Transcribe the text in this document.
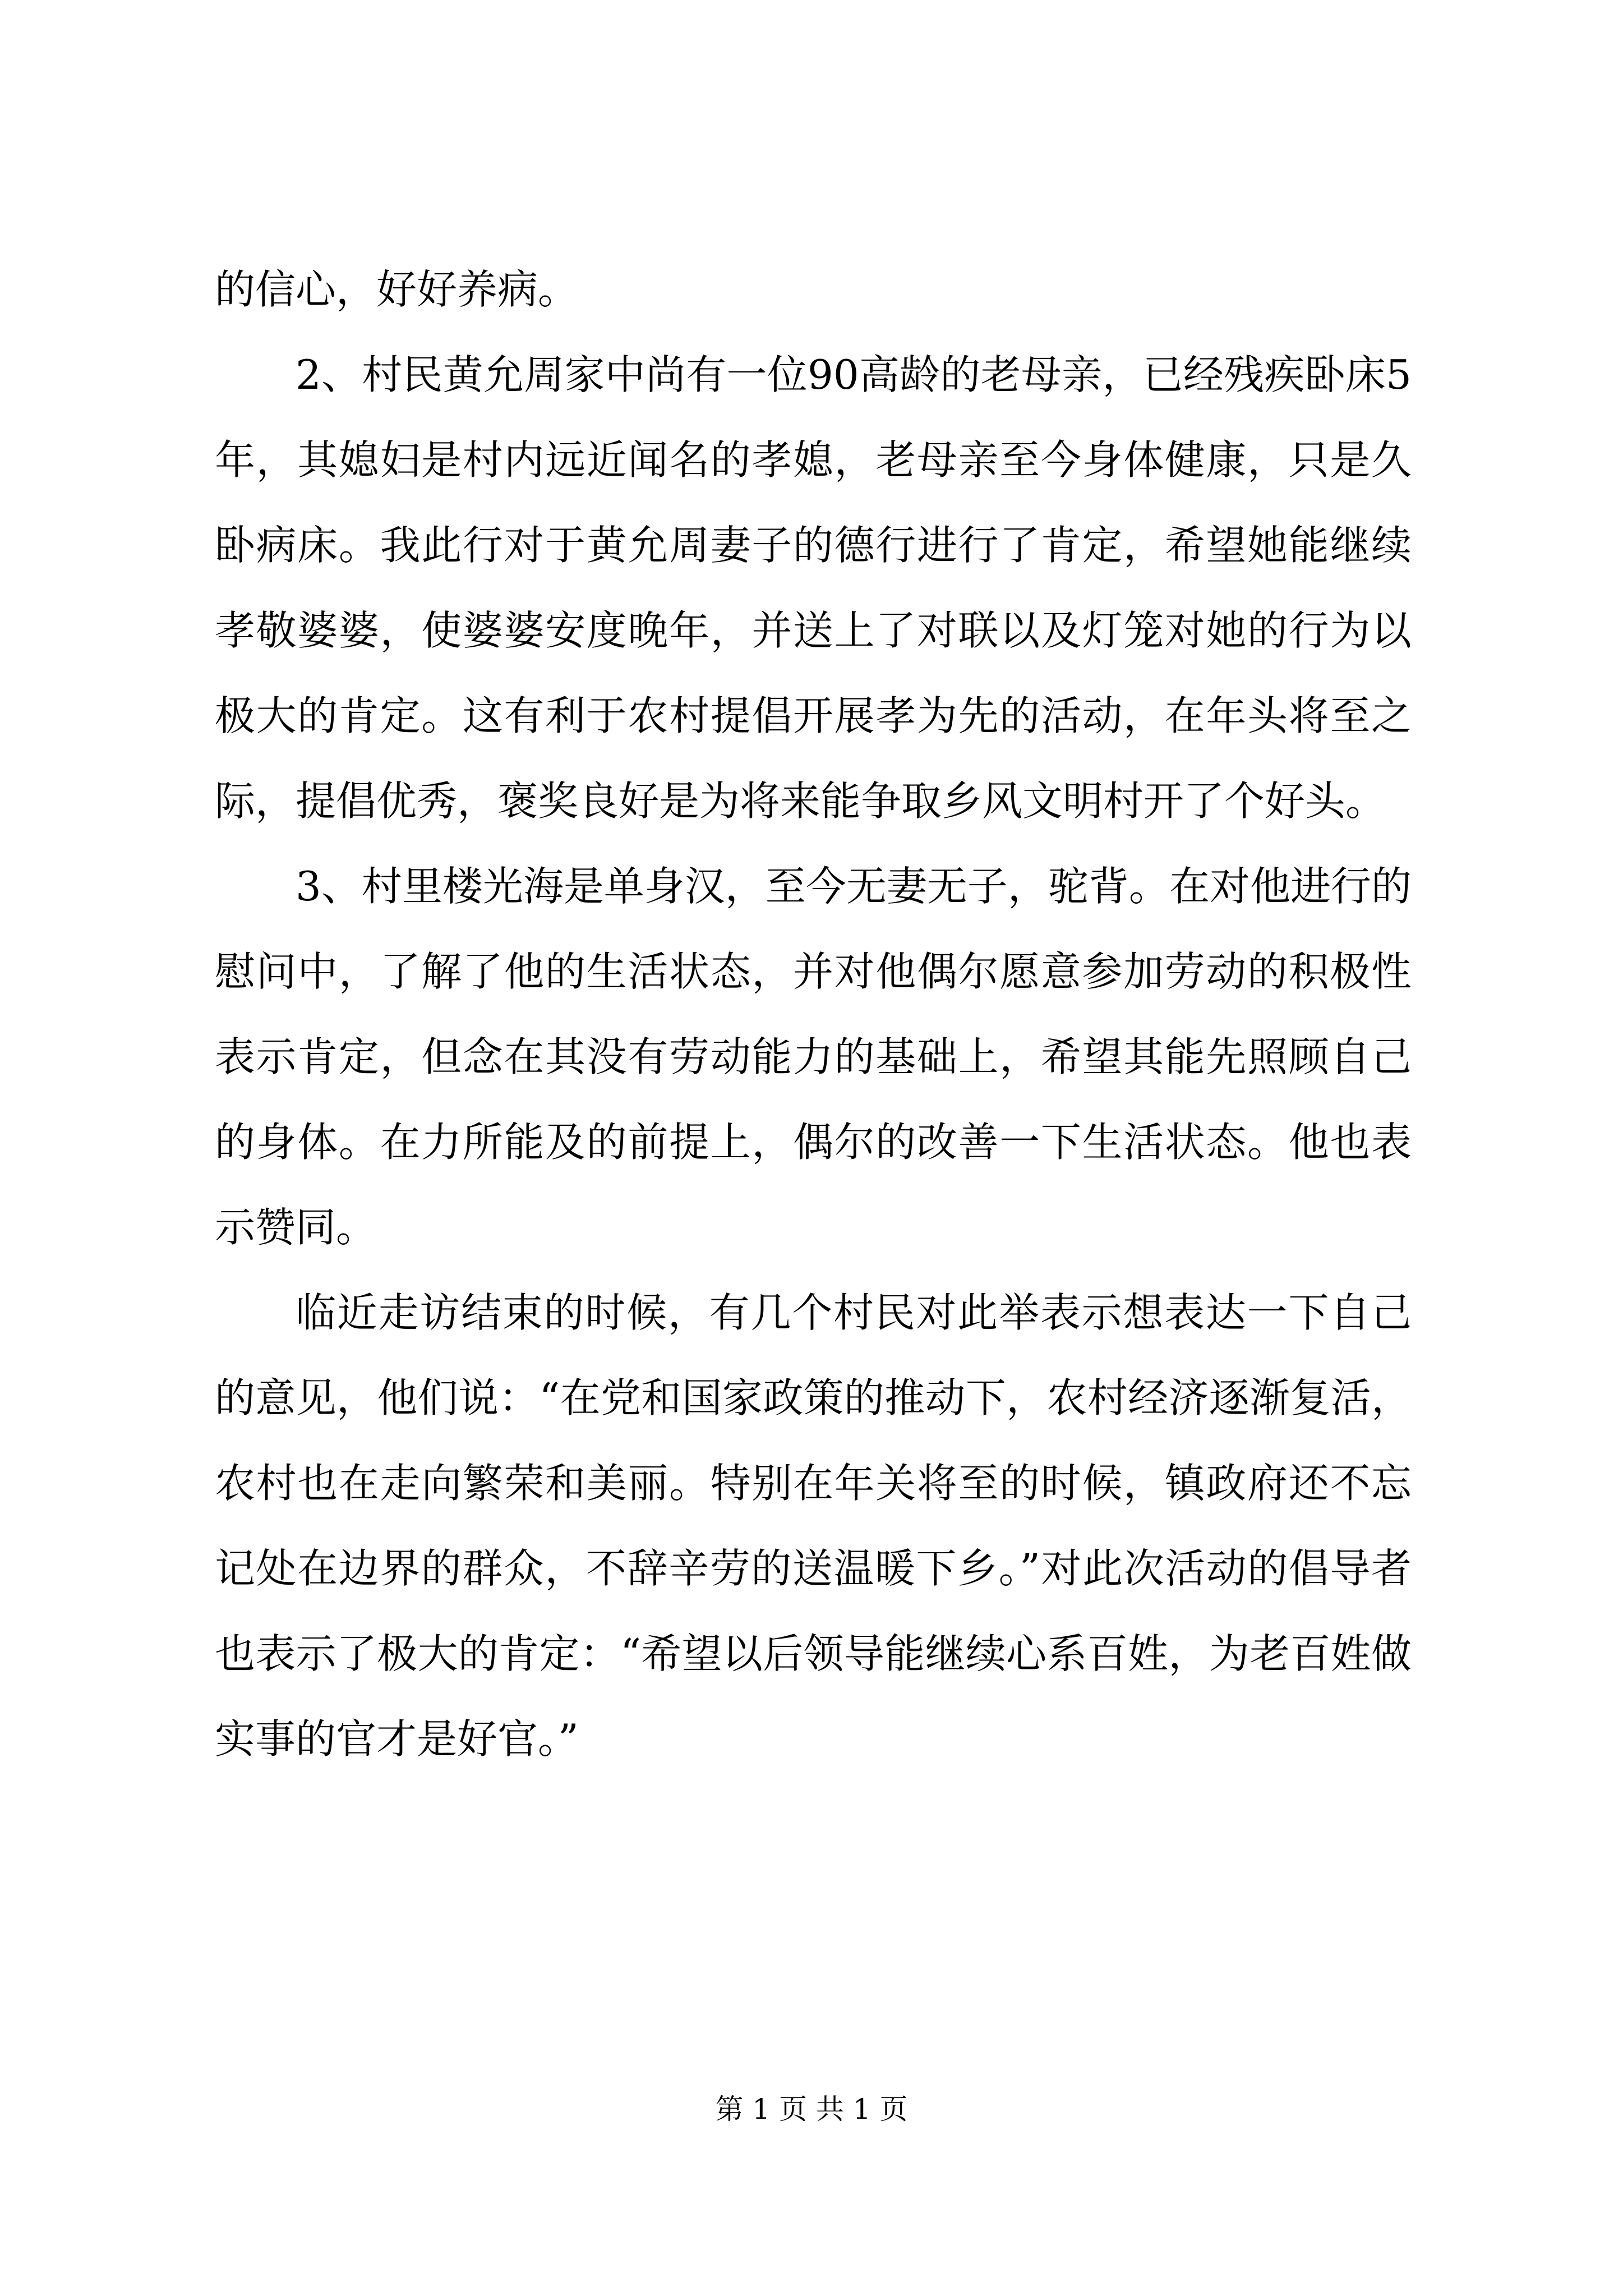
的信心，好好养病。

2、村民黄允周家中尚有一位90高龄的老母亲，已经残疾卧床5年，其媳妇是村内远近闻名的孝媳，老母亲至今身体健康，只是久卧病床。我此行对于黄允周妻子的德行进行了肯定，希望她能继续孝敬婆婆，使婆婆安度晚年，并送上了对联以及灯笼对她的行为以极大的肯定。这有利于农村提倡开展孝为先的活动，在年头将至之际，提倡优秀，褒奖良好是为将来能争取乡风文明村开了个好头。

3、村里楼光海是单身汉，至今无妻无子，驼背。在对他进行的慰问中，了解了他的生活状态，并对他偶尔愿意参加劳动的积极性表示肯定，但念在其没有劳动能力的基础上，希望其能先照顾自己的身体。在力所能及的前提上，偶尔的改善一下生活状态。他也表示赞同。

临近走访结束的时候，有几个村民对此举表示想表达一下自己的意见，他们说：“在党和国家政策的推动下，农村经济逐渐复活，农村也在走向繁荣和美丽。特别在年关将至的时候，镇政府还不忘记处在边界的群众，不辞辛劳的送温暖下乡。”对此次活动的倡导者也表示了极大的肯定：“希望以后领导能继续心系百姓，为老百姓做实事的官才是好官。”

第 1 页 共 1 页
